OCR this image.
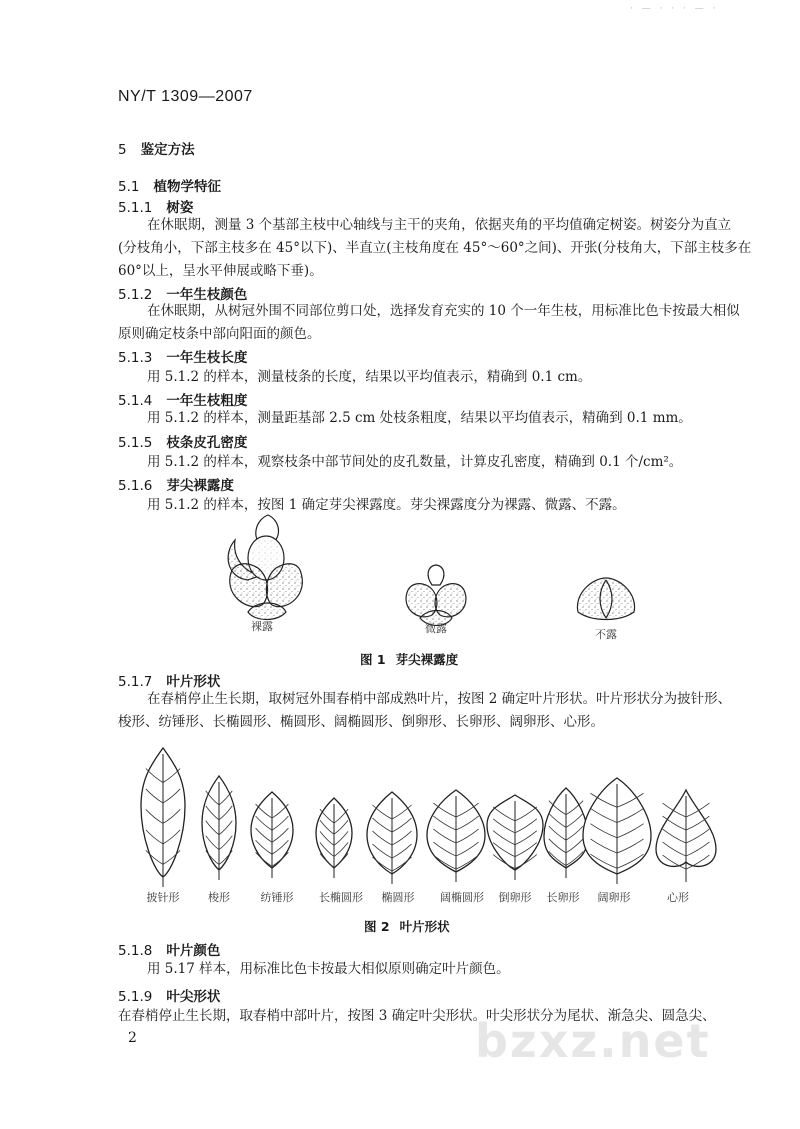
· — · · · — ·
NY/T 1309—2007
5 鉴定方法
5.1 植物学特征
5.1.1 树姿
在休眠期，测量 3 个基部主枝中心轴线与主干的夹角，依据夹角的平均值确定树姿。树姿分为直立
(分枝角小，下部主枝多在 45°以下)、半直立(主枝角度在 45°～60°之间)、开张(分枝角大，下部主枝多在
60°以上，呈水平伸展或略下垂)。
5.1.2 一年生枝颜色
在休眠期，从树冠外围不同部位剪口处，选择发育充实的 10 个一年生枝，用标准比色卡按最大相似
原则确定枝条中部向阳面的颜色。
5.1.3 一年生枝长度
用 5.1.2 的样本，测量枝条的长度，结果以平均值表示，精确到 0.1 cm。
5.1.4 一年生枝粗度
用 5.1.2 的样本，测量距基部 2.5 cm 处枝条粗度，结果以平均值表示，精确到 0.1 mm。
5.1.5 枝条皮孔密度
用 5.1.2 的样本，观察枝条中部节间处的皮孔数量，计算皮孔密度，精确到 0.1 个/cm²。
5.1.6 芽尖裸露度
用 5.1.2 的样本，按图 1 确定芽尖裸露度。芽尖裸露度分为裸露、微露、不露。
裸露	微露	不露
图 1 芽尖裸露度
5.1.7 叶片形状
在春梢停止生长期，取树冠外围春梢中部成熟叶片，按图 2 确定叶片形状。叶片形状分为披针形、
梭形、纺锤形、长椭圆形、椭圆形、阔椭圆形、倒卵形、长卵形、阔卵形、心形。
披针形	梭形	纺锤形 长椭圆形 椭圆形 阔椭圆形 倒卵形 长卵形 阔卵形	心形
图 2 叶片形状
5.1.8 叶片颜色
用 5.17 样本，用标准比色卡按最大相似原则确定叶片颜色。
5.1.9 叶尖形状
在春梢停止生长期，取春梢中部叶片，按图 3 确定叶尖形状。叶尖形状分为尾状、渐急尖、圆急尖、
bzxz.net
2
